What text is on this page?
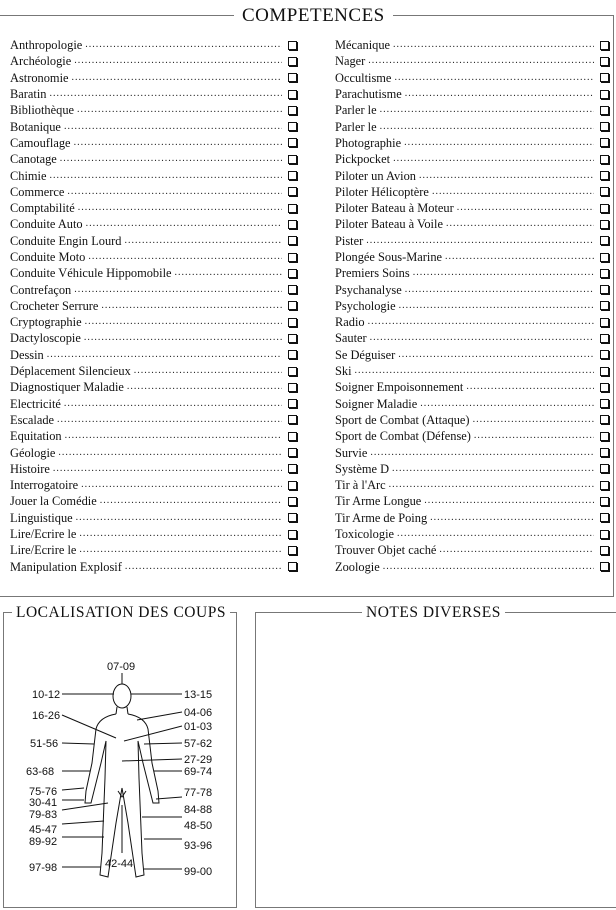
COMPETENCES
Anthropologie
.....
Archéologie
.....
Astronomie
.....
Baratin
.....
Bibliothèque
.....
Botanique
.....
Camouflage
.....
Canotage
.....
Chimie
.....
Commerce
.....
Comptabilité
.....
Conduite Auto
.....
Conduite Engin Lourd
.....
Conduite Moto
.....
Conduite Véhicule Hippomobile
.....
Contrefaçon
.....
Crocheter Serrure
.....
Cryptographie
.....
Dactyloscopie
.....
Dessin
.....
Déplacement Silencieux
.....
Diagnostiquer Maladie
.....
Electricité
.....
Escalade
.....
Equitation
.....
Géologie
.....
Histoire
.....
Interrogatoire
.....
Jouer la Comédie
.....
Linguistique
.....
Lire/Ecrire le
.....
Lire/Ecrire le
.....
Manipulation Explosif
.....
Mécanique
.....
Nager
.....
Occultisme
.....
Parachutisme
.....
Parler le
.....
Parler le
.....
Photographie
.....
Pickpocket
.....
Piloter un Avion
.....
Piloter Hélicoptère
.....
Piloter Bateau à Moteur
.....
Piloter Bateau à Voile
.....
Pister
.....
Plongée Sous-Marine
.....
Premiers Soins
.....
Psychanalyse
.....
Psychologie
.....
Radio
.....
Sauter
.....
Se Déguiser
.....
Ski
.....
Soigner Empoisonnement
.....
Soigner Maladie
.....
Sport de Combat (Attaque)
.....
Sport de Combat (Défense)
.....
Survie
.....
Système D
.....
Tir à l'Arc
.....
Tir Arme Longue
.....
Tir Arme de Poing
.....
Toxicologie
.....
Trouver Objet caché
.....
Zoologie
.....
LOCALISATION DES COUPS
07-09
10-12
16-26
51-56
63-68
75-76
30-41
79-83
45-47
89-92
97-98
13-15
04-06
01-03
57-62
27-29
69-74
77-78
84-88
48-50
93-96
99-00
42-44
NOTES DIVERSES
